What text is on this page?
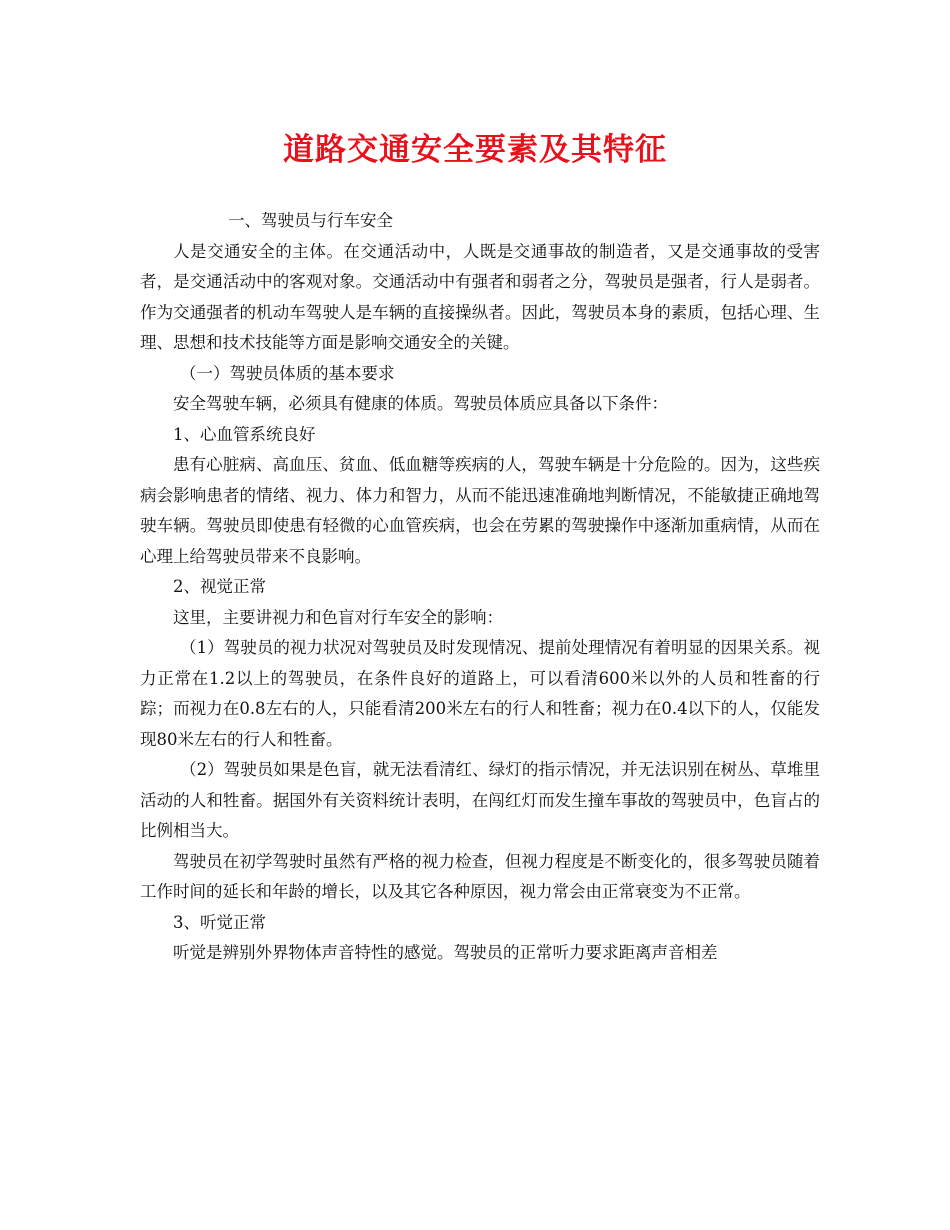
道路交通安全要素及其特征

一、驾驶员与行车安全

人是交通安全的主体。在交通活动中，人既是交通事故的制造者，又是交通事故的受害者，是交通活动中的客观对象。交通活动中有强者和弱者之分，驾驶员是强者，行人是弱者。作为交通强者的机动车驾驶人是车辆的直接操纵者。因此，驾驶员本身的素质，包括心理、生理、思想和技术技能等方面是影响交通安全的关键。

（一）驾驶员体质的基本要求

安全驾驶车辆，必须具有健康的体质。驾驶员体质应具备以下条件：

1、心血管系统良好

患有心脏病、高血压、贫血、低血糖等疾病的人，驾驶车辆是十分危险的。因为，这些疾病会影响患者的情绪、视力、体力和智力，从而不能迅速准确地判断情况，不能敏捷正确地驾驶车辆。驾驶员即使患有轻微的心血管疾病，也会在劳累的驾驶操作中逐渐加重病情，从而在心理上给驾驶员带来不良影响。

2、视觉正常

这里，主要讲视力和色盲对行车安全的影响：

（1）驾驶员的视力状况对驾驶员及时发现情况、提前处理情况有着明显的因果关系。视力正常在1.2以上的驾驶员，在条件良好的道路上，可以看清600米以外的人员和牲畜的行踪；而视力在0.8左右的人，只能看清200米左右的行人和牲畜；视力在0.4以下的人，仅能发现80米左右的行人和牲畜。

（2）驾驶员如果是色盲，就无法看清红、绿灯的指示情况，并无法识别在树丛、草堆里活动的人和牲畜。据国外有关资料统计表明，在闯红灯而发生撞车事故的驾驶员中，色盲占的比例相当大。

驾驶员在初学驾驶时虽然有严格的视力检查，但视力程度是不断变化的，很多驾驶员随着工作时间的延长和年龄的增长，以及其它各种原因，视力常会由正常衰变为不正常。

3、听觉正常

听觉是辨别外界物体声音特性的感觉。驾驶员的正常听力要求距离声音相差
